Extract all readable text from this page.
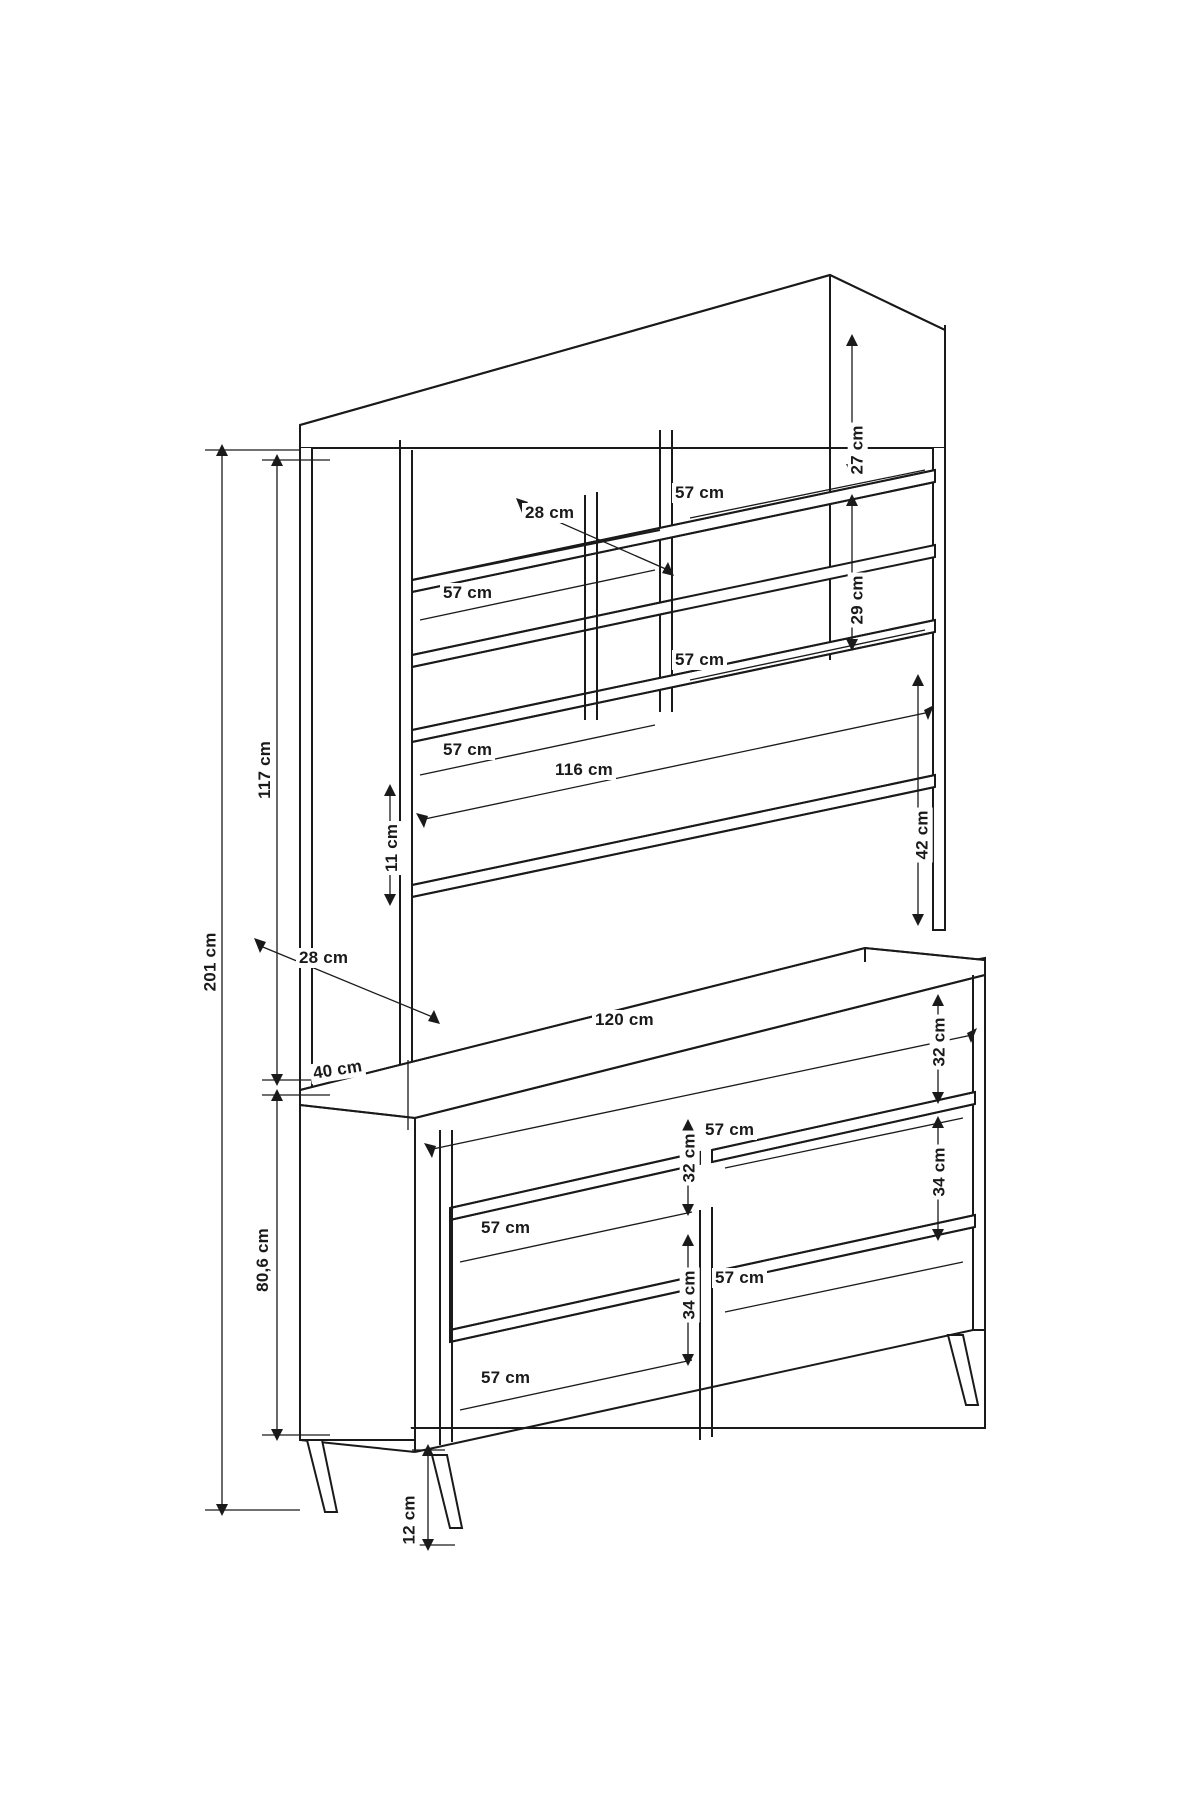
201 cm
117 cm
80,6 cm
12 cm
27 cm
29 cm
42 cm
11 cm
28 cm
40 cm
28 cm
116 cm
120 cm
57 cm
57 cm
57 cm
57 cm
57 cm
57 cm
57 cm
57 cm
32 cm
32 cm	34 cm
34 cm
